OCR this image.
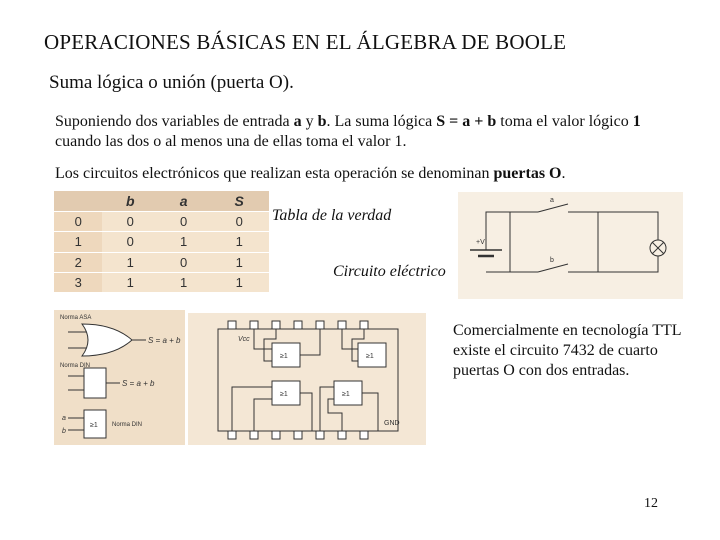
OPERACIONES BÁSICAS EN EL ÁLGEBRA DE BOOLE
Suma lógica o unión (puerta O).
Suponiendo dos variables de entrada a y b. La suma lógica S = a + b toma el valor lógico 1 cuando las dos o al menos una de ellas toma el valor 1.
Los circuitos electrónicos que realizan esta operación se denominan puertas O.
	b	a	S
0	0	0	0
1	0	1	1
2	1	0	1
3	1	1	1
Tabla de la verdad
Circuito eléctrico
a
b
+V
Norma ASA
S = a + b
Norma DIN
S = a + b
a
b
≥1 Norma DIN
Vcc
GND
≥1	≥1
≥1	≥1
Comercialmente en tecnología TTL existe el circuito 7432 de cuarto puertas O con dos entradas.
12
